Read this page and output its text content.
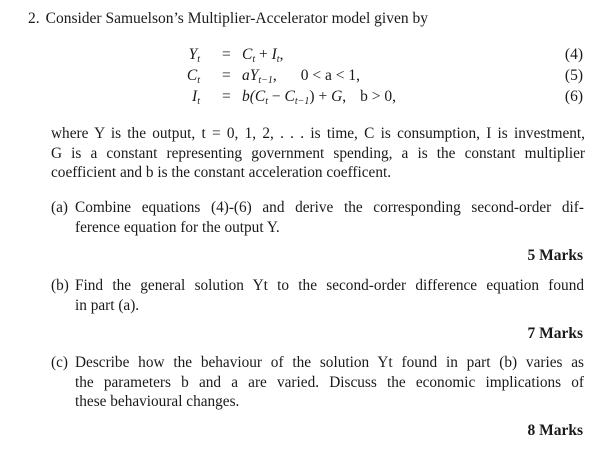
2. Consider Samuelson’s Multiplier-Accelerator model given by
$Y_t = C_t + I_t$,	(4)
$C_t = aY_{t-1}$, 0 < a < 1,	(5)
$I_t = b(C_t - C_{t-1}) + G$, b > 0,	(6)
where Y is the output, t = 0, 1, 2, . . . is time, C is consumption, I is investment,
G is a constant representing government spending, a is the constant multiplier
coefficient and b is the constant acceleration coefficent.
(a) Combine equations (4)-(6) and derive the corresponding second-order dif-
ference equation for the output Y.
5 Marks
(b) Find the general solution Yt to the second-order difference equation found
in part (a).
7 Marks
(c) Describe how the behaviour of the solution Yt found in part (b) varies as
the parameters b and a are varied. Discuss the economic implications of
these behavioural changes.
8 Marks
